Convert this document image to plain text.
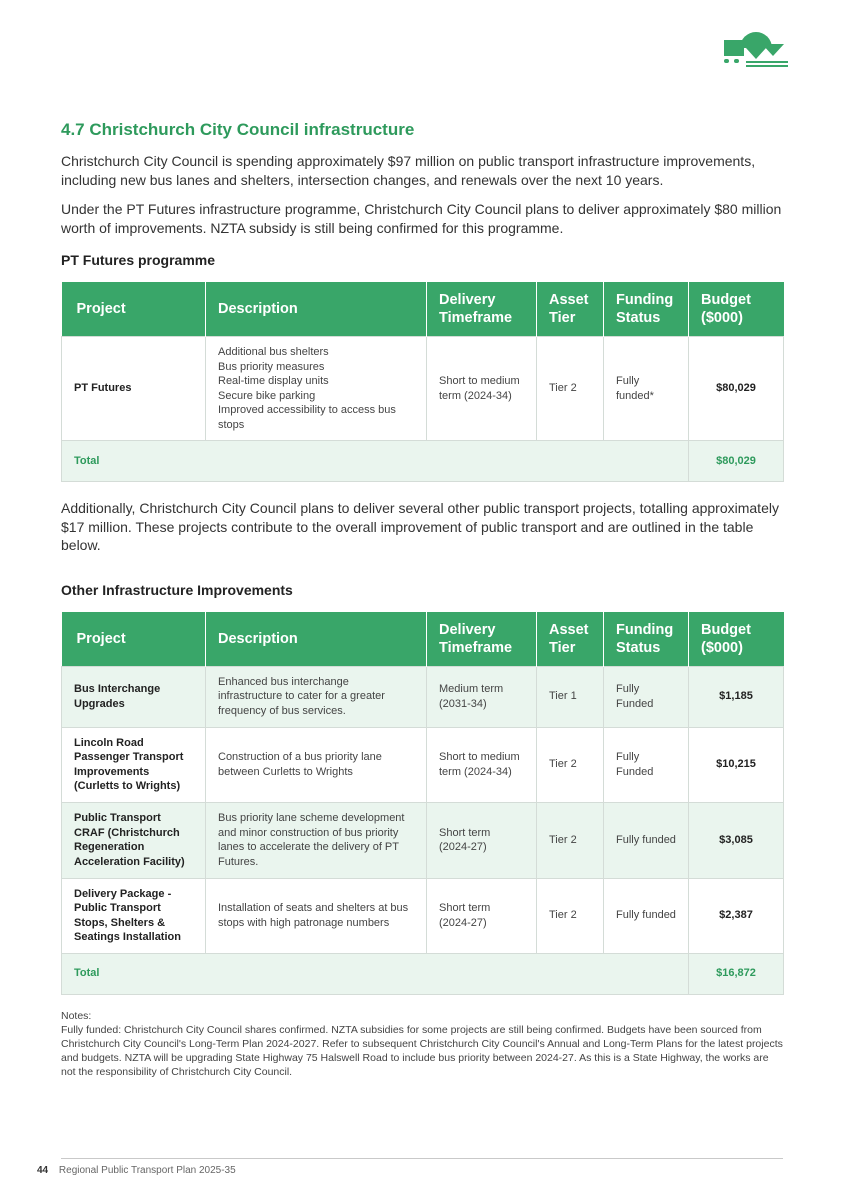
4.7 Christchurch City Council infrastructure

Christchurch City Council is spending approximately $97 million on public transport infrastructure improvements, including new bus lanes and shelters, intersection changes, and renewals over the next 10 years.

Under the PT Futures infrastructure programme, Christchurch City Council plans to deliver approximately $80 million worth of improvements. NZTA subsidy is still being confirmed for this programme.

PT Futures programme
Project	Description	Delivery Timeframe	Asset Tier	Funding Status	Budget ($000)
PT Futures	Additional bus shelters
Bus priority measures
Real-time display units
Secure bike parking
Improved accessibility to access bus stops	Short to medium term (2024-34)	Tier 2	Fully funded*	$80,029
Total					$80,029

Additionally, Christchurch City Council plans to deliver several other public transport projects, totalling approximately $17 million. These projects contribute to the overall improvement of public transport and are outlined in the table below.

Other Infrastructure Improvements
Project	Description	Delivery Timeframe	Asset Tier	Funding Status	Budget ($000)
Bus Interchange Upgrades	Enhanced bus interchange infrastructure to cater for a greater frequency of bus services.	Medium term (2031-34)	Tier 1	Fully Funded	$1,185
Lincoln Road Passenger Transport Improvements (Curletts to Wrights)	Construction of a bus priority lane between Curletts to Wrights	Short to medium term (2024-34)	Tier 2	Fully Funded	$10,215
Public Transport CRAF (Christchurch Regeneration Acceleration Facility)	Bus priority lane scheme development and minor construction of bus priority lanes to accelerate the delivery of PT Futures.	Short term (2024-27)	Tier 2	Fully funded	$3,085
Delivery Package - Public Transport Stops, Shelters & Seatings Installation	Installation of seats and shelters at bus stops with high patronage numbers	Short term (2024-27)	Tier 2	Fully funded	$2,387
Total					$16,872
Notes:
Fully funded: Christchurch City Council shares confirmed. NZTA subsidies for some projects are still being confirmed. Budgets have been sourced from Christchurch City Council's Long-Term Plan 2024-2027. Refer to subsequent Christchurch City Council's Annual and Long-Term Plans for the latest projects and budgets. NZTA will be upgrading State Highway 75 Halswell Road to include bus priority between 2024-27. As this is a State Highway, the works are not the responsibility of Christchurch City Council.
44 Regional Public Transport Plan 2025-35
